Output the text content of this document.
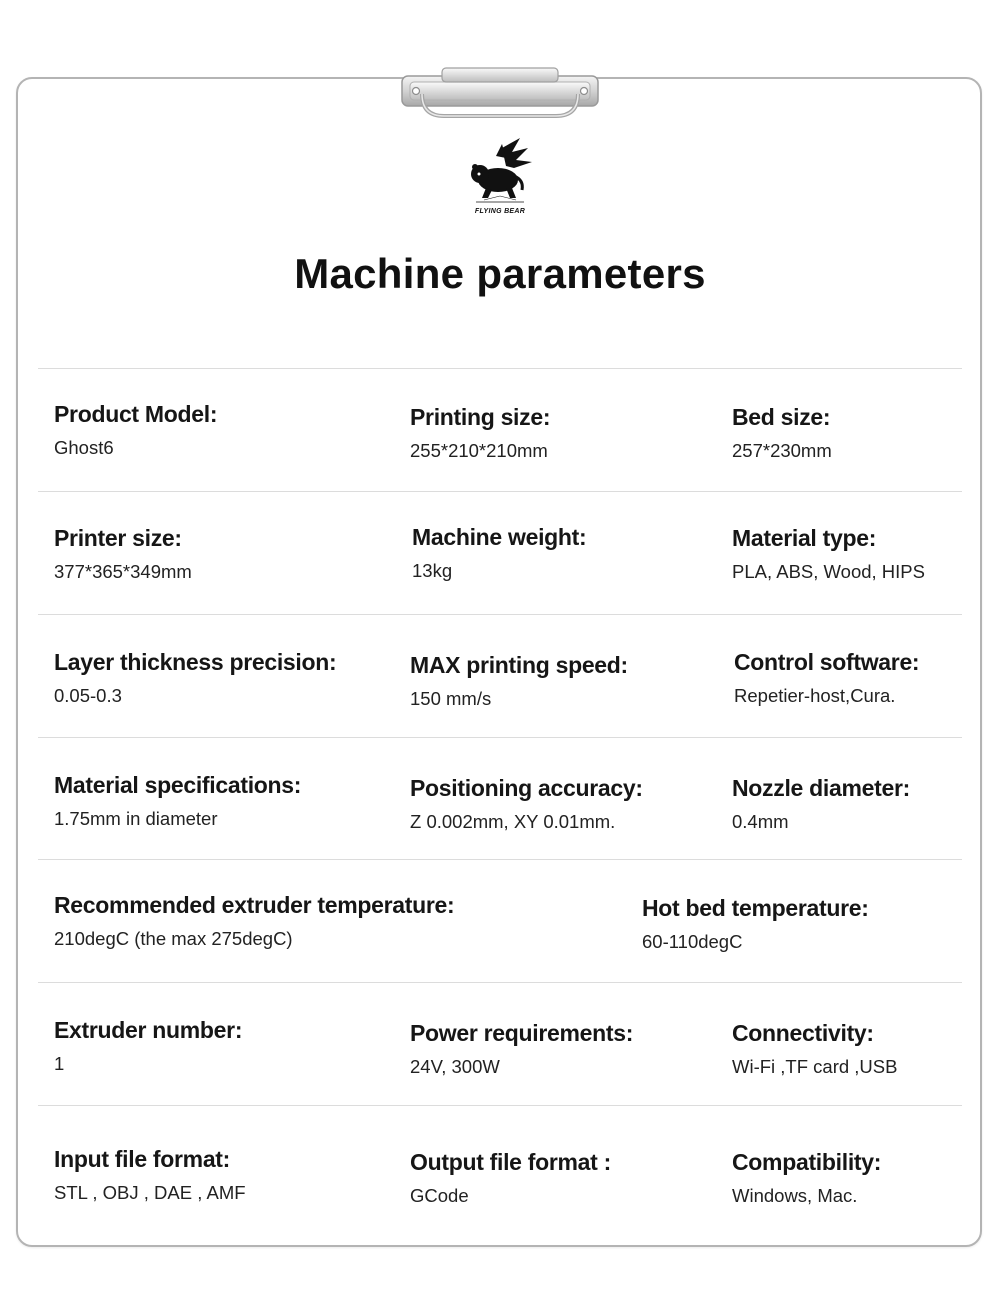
FLYING BEAR
Machine parameters
Product Model:
Ghost6
Printing size:
255*210*210mm
Bed size:
257*230mm
Printer size:
377*365*349mm
Machine weight:
13kg
Material type:
PLA, ABS, Wood, HIPS
Layer thickness precision:
0.05-0.3
MAX printing speed:
150 mm/s
Control software:
Repetier-host,Cura.
Material specifications:
1.75mm in diameter
Positioning accuracy:
Z 0.002mm, XY 0.01mm.
Nozzle diameter:
0.4mm
Recommended extruder temperature:
210degC (the max 275degC)
Hot bed temperature:
60-110degC
Extruder number:
1
Power requirements:
24V, 300W
Connectivity:
Wi-Fi ,TF card ,USB
Input file format:
STL , OBJ , DAE , AMF
Output file format :
GCode
Compatibility:
Windows, Mac.
